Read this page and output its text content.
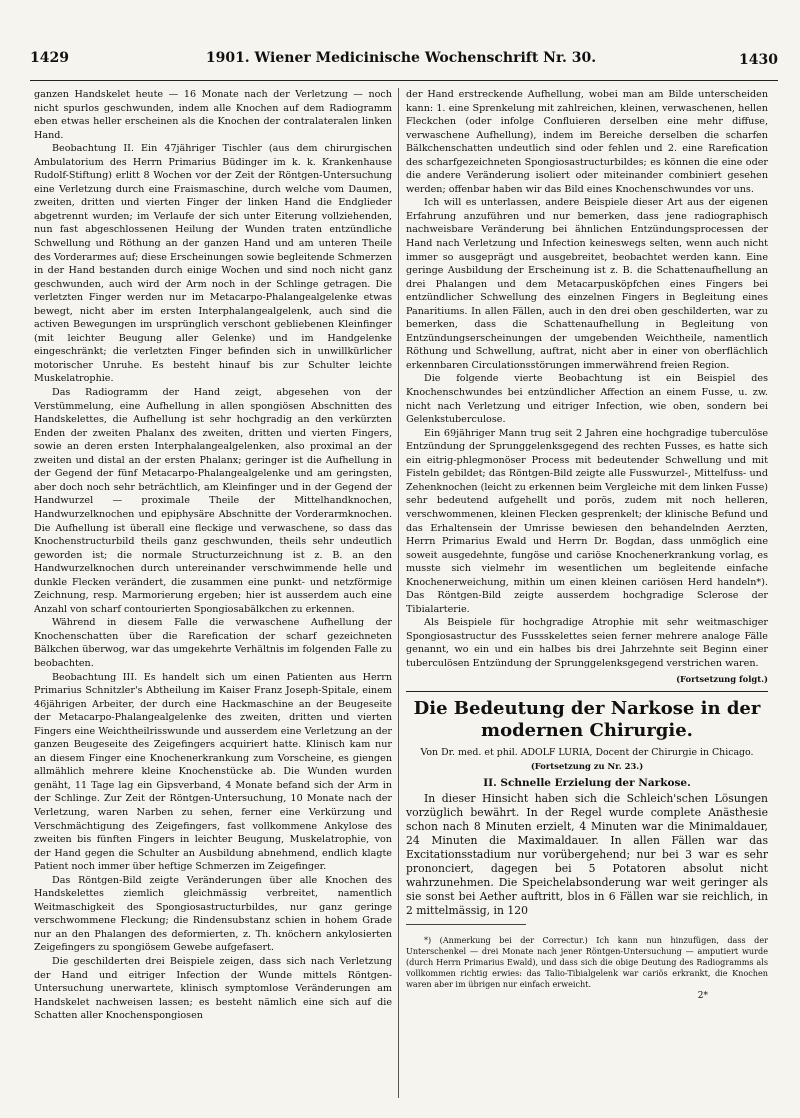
1429	1901. Wiener Medicinische Wochenschrift Nr. 30.	1430

ganzen Handskelet heute — 16 Monate nach der Verletzung — noch nicht spurlos geschwunden, indem alle Knochen auf dem Radiogramm eben etwas heller erscheinen als die Knochen der contralateralen linken Hand.

Beobachtung II. Ein 47jähriger Tischler (aus dem chirurgischen Ambulatorium des Herrn Primarius Büdinger im k. k. Krankenhause Rudolf-Stiftung) erlitt 8 Wochen vor der Zeit der Röntgen-Untersuchung eine Verletzung durch eine Fraismaschine, durch welche vom Daumen, zweiten, dritten und vierten Finger der linken Hand die Endglieder abgetrennt wurden; im Verlaufe der sich unter Eiterung vollziehenden, nun fast abgeschlossenen Heilung der Wunden traten entzündliche Schwellung und Röthung an der ganzen Hand und am unteren Theile des Vorderarmes auf; diese Erscheinungen sowie begleitende Schmerzen in der Hand bestanden durch einige Wochen und sind noch nicht ganz geschwunden, auch wird der Arm noch in der Schlinge getragen. Die verletzten Finger werden nur im Metacarpo-Phalangealgelenke etwas bewegt, nicht aber im ersten Interphalangealgelenk, auch sind die activen Bewegungen im ursprünglich verschont gebliebenen Kleinfinger (mit leichter Beugung aller Gelenke) und im Handgelenke eingeschränkt; die verletzten Finger befinden sich in unwillkürlicher motorischer Unruhe. Es besteht hinauf bis zur Schulter leichte Muskelatrophie.

Das Radiogramm der Hand zeigt, abgesehen von der Verstümmelung, eine Aufhellung in allen spongiösen Abschnitten des Handskelettes, die Aufhellung ist sehr hochgradig an den verkürzten Enden der zweiten Phalanx des zweiten, dritten und vierten Fingers, sowie an deren ersten Interphalangealgelenken, also proximal an der zweiten und distal an der ersten Phalanx; geringer ist die Aufhellung in der Gegend der fünf Metacarpo-Phalangealgelenke und am geringsten, aber doch noch sehr beträchtlich, am Kleinfinger und in der Gegend der Handwurzel — proximale Theile der Mittelhandknochen, Handwurzelknochen und epiphysäre Abschnitte der Vorderarmknochen. Die Aufhellung ist überall eine fleckige und verwaschene, so dass das Knochenstructurbild theils ganz geschwunden, theils sehr undeutlich geworden ist; die normale Structurzeichnung ist z. B. an den Handwurzelknochen durch untereinander verschwimmende helle und dunkle Flecken verändert, die zusammen eine punkt- und netzförmige Zeichnung, resp. Marmorierung ergeben; hier ist ausserdem auch eine Anzahl von scharf contourierten Spongiosabälkchen zu erkennen.

Während in diesem Falle die verwaschene Aufhellung der Knochenschatten über die Rarefication der scharf gezeichneten Bälkchen überwog, war das umgekehrte Verhältnis im folgenden Falle zu beobachten.

Beobachtung III. Es handelt sich um einen Patienten aus Herrn Primarius Schnitzler's Abtheilung im Kaiser Franz Joseph-Spitale, einem 46jährigen Arbeiter, der durch eine Hackmaschine an der Beugeseite der Metacarpo-Phalangealgelenke des zweiten, dritten und vierten Fingers eine Weichtheilrisswunde und ausserdem eine Verletzung an der ganzen Beugeseite des Zeigefingers acquiriert hatte. Klinisch kam nur an diesem Finger eine Knochenerkrankung zum Vorscheine, es giengen allmählich mehrere kleine Knochenstücke ab. Die Wunden wurden genäht, 11 Tage lag ein Gipsverband, 4 Monate befand sich der Arm in der Schlinge. Zur Zeit der Röntgen-Untersuchung, 10 Monate nach der Verletzung, waren Narben zu sehen, ferner eine Verkürzung und Verschmächtigung des Zeigefingers, fast vollkommene Ankylose des zweiten bis fünften Fingers in leichter Beugung, Muskelatrophie, von der Hand gegen die Schulter an Ausbildung abnehmend, endlich klagte Patient noch immer über heftige Schmerzen im Zeigefinger.

Das Röntgen-Bild zeigte Veränderungen über alle Knochen des Handskelettes ziemlich gleichmässig verbreitet, namentlich Weitmaschigkeit des Spongiosastructurbildes, nur ganz geringe verschwommene Fleckung; die Rindensubstanz schien in hohem Grade nur an den Phalangen des deformierten, z. Th. knöchern ankylosierten Zeigefingers zu spongiösem Gewebe aufgefasert.

Die geschilderten drei Beispiele zeigen, dass sich nach Verletzung der Hand und eitriger Infection der Wunde mittels Röntgen-Untersuchung unerwartete, klinisch symptomlose Veränderungen am Handskelet nachweisen lassen; es besteht nämlich eine sich auf die Schatten aller Knochenspongiosen

der Hand erstreckende Aufhellung, wobei man am Bilde unterscheiden kann: 1. eine Sprenkelung mit zahlreichen, kleinen, verwaschenen, hellen Fleckchen (oder infolge Confluieren derselben eine mehr diffuse, verwaschene Aufhellung), indem im Bereiche derselben die scharfen Bälkchenschatten undeutlich sind oder fehlen und 2. eine Rarefication des scharfgezeichneten Spongiosastructurbildes; es können die eine oder die andere Veränderung isoliert oder miteinander combiniert gesehen werden; offenbar haben wir das Bild eines Knochenschwundes vor uns.

Ich will es unterlassen, andere Beispiele dieser Art aus der eigenen Erfahrung anzuführen und nur bemerken, dass jene radiographisch nachweisbare Veränderung bei ähnlichen Entzündungsprocessen der Hand nach Verletzung und Infection keineswegs selten, wenn auch nicht immer so ausgeprägt und ausgebreitet, beobachtet werden kann. Eine geringe Ausbildung der Erscheinung ist z. B. die Schattenaufhellung an drei Phalangen und dem Metacarpusköpfchen eines Fingers bei entzündlicher Schwellung des einzelnen Fingers in Begleitung eines Panaritiums. In allen Fällen, auch in den drei oben geschilderten, war zu bemerken, dass die Schattenaufhellung in Begleitung von Entzündungserscheinungen der umgebenden Weichtheile, namentlich Röthung und Schwellung, auftrat, nicht aber in einer von oberflächlich erkennbaren Circulationsstörungen immerwährend freien Region.

Die folgende vierte Beobachtung ist ein Beispiel des Knochenschwundes bei entzündlicher Affection an einem Fusse, u. zw. nicht nach Verletzung und eitriger Infection, wie oben, sondern bei Gelenkstuberculose.

Ein 69jähriger Mann trug seit 2 Jahren eine hochgradige tuberculöse Entzündung der Sprunggelenksgegend des rechten Fusses, es hatte sich ein eitrig-phlegmonöser Process mit bedeutender Schwellung und mit Fisteln gebildet; das Röntgen-Bild zeigte alle Fusswurzel-, Mittelfuss- und Zehenknochen (leicht zu erkennen beim Vergleiche mit dem linken Fusse) sehr bedeutend aufgehellt und porös, zudem mit noch helleren, verschwommenen, kleinen Flecken gesprenkelt; der klinische Befund und das Erhaltensein der Umrisse bewiesen den behandelnden Aerzten, Herrn Primarius Ewald und Herrn Dr. Bogdan, dass unmöglich eine soweit ausgedehnte, fungöse und cariöse Knochenerkrankung vorlag, es musste sich vielmehr im wesentlichen um begleitende einfache Knochenerweichung, mithin um einen kleinen cariösen Herd handeln*). Das Röntgen-Bild zeigte ausserdem hochgradige Sclerose der Tibialarterie.

Als Beispiele für hochgradige Atrophie mit sehr weitmaschiger Spongiosastructur des Fussskelettes seien ferner mehrere analoge Fälle genannt, wo ein und ein halbes bis drei Jahrzehnte seit Beginn einer tuberculösen Entzündung der Sprunggelenksgegend verstrichen waren.

(Fortsetzung folgt.)
Die Bedeutung der Narkose in der modernen Chirurgie.
Von Dr. med. et phil. ADOLF LURIA, Docent der Chirurgie in Chicago.
(Fortsetzung zu Nr. 23.)
II. Schnelle Erzielung der Narkose.

In dieser Hinsicht haben sich die Schleich'schen Lösungen vorzüglich bewährt. In der Regel wurde complete Anästhesie schon nach 8 Minuten erzielt, 4 Minuten war die Minimaldauer, 24 Minuten die Maximaldauer. In allen Fällen war das Excitationsstadium nur vorübergehend; nur bei 3 war es sehr prononciert, dagegen bei 5 Potatoren absolut nicht wahrzunehmen. Die Speichelabsonderung war weit geringer als sie sonst bei Aether auftritt, blos in 6 Fällen war sie reichlich, in 2 mittelmässig, in 120

*) (Anmerkung bei der Correctur.) Ich kann nun hinzufügen, dass der Unterschenkel — drei Monate nach jener Röntgen-Untersuchung — amputiert wurde (durch Herrn Primarius Ewald), und dass sich die obige Deutung des Radiogramms als vollkommen richtig erwies: das Talio-Tibialgelenk war cariös erkrankt, die Knochen waren aber im übrigen nur einfach erweicht.

2*
